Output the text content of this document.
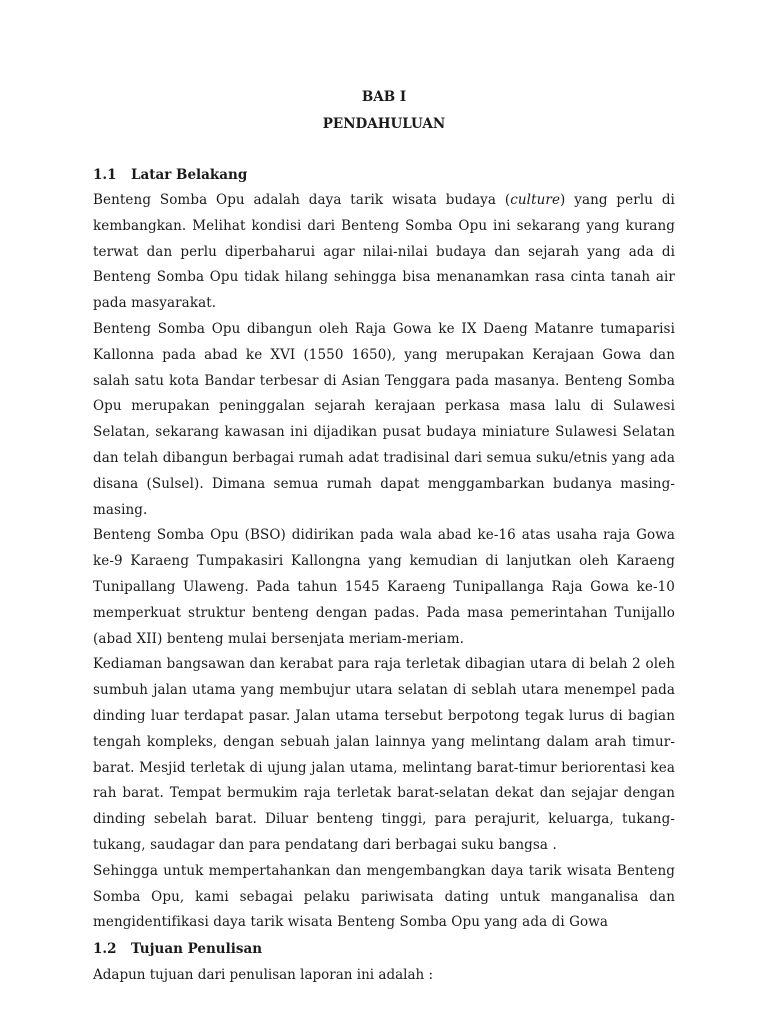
BAB I
PENDAHULUAN
1.1	Latar Belakang

Benteng Somba Opu adalah daya tarik wisata budaya (culture) yang perlu di kembangkan. Melihat kondisi dari Benteng Somba Opu ini sekarang yang kurang terwat dan perlu diperbaharui agar nilai-nilai budaya dan sejarah yang ada di Benteng Somba Opu tidak hilang sehingga bisa menanamkan rasa cinta tanah air pada masyarakat.

Benteng Somba Opu dibangun oleh Raja Gowa ke IX Daeng Matanre tumaparisi Kallonna pada abad ke XVI (1550 1650), yang merupakan Kerajaan Gowa dan salah satu kota Bandar terbesar di Asian Tenggara pada masanya. Benteng Somba Opu merupakan peninggalan sejarah kerajaan perkasa masa lalu di Sulawesi Selatan, sekarang kawasan ini dijadikan pusat budaya miniature Sulawesi Selatan dan telah dibangun berbagai rumah adat tradisinal dari semua suku/etnis yang ada disana (Sulsel). Dimana semua rumah dapat menggambarkan budanya masing-masing.

Benteng Somba Opu (BSO) didirikan pada wala abad ke-16 atas usaha raja Gowa ke-9 Karaeng Tumpakasiri Kallongna yang kemudian di lanjutkan oleh Karaeng Tunipallang Ulaweng. Pada tahun 1545 Karaeng Tunipallanga Raja Gowa ke-10 memperkuat struktur benteng dengan padas. Pada masa pemerintahan Tunijallo (abad XII) benteng mulai bersenjata meriam-meriam.

Kediaman bangsawan dan kerabat para raja terletak dibagian utara di belah 2 oleh sumbuh jalan utama yang membujur utara selatan di seblah utara menempel pada dinding luar terdapat pasar. Jalan utama tersebut berpotong tegak lurus di bagian tengah kompleks, dengan sebuah jalan lainnya yang melintang dalam arah timur- barat. Mesjid terletak di ujung jalan utama, melintang barat-timur beriorentasi kea rah barat. Tempat bermukim raja terletak barat-selatan dekat dan sejajar dengan dinding sebelah barat. Diluar benteng tinggi, para perajurit, keluarga, tukang-tukang, saudagar dan para pendatang dari berbagai suku bangsa .

Sehingga untuk mempertahankan dan mengembangkan daya tarik wisata Benteng Somba Opu, kami sebagai pelaku pariwisata dating untuk manganalisa dan mengidentifikasi daya tarik wisata Benteng Somba Opu yang ada di Gowa

1.2	Tujuan Penulisan

Adapun tujuan dari penulisan laporan ini adalah :
